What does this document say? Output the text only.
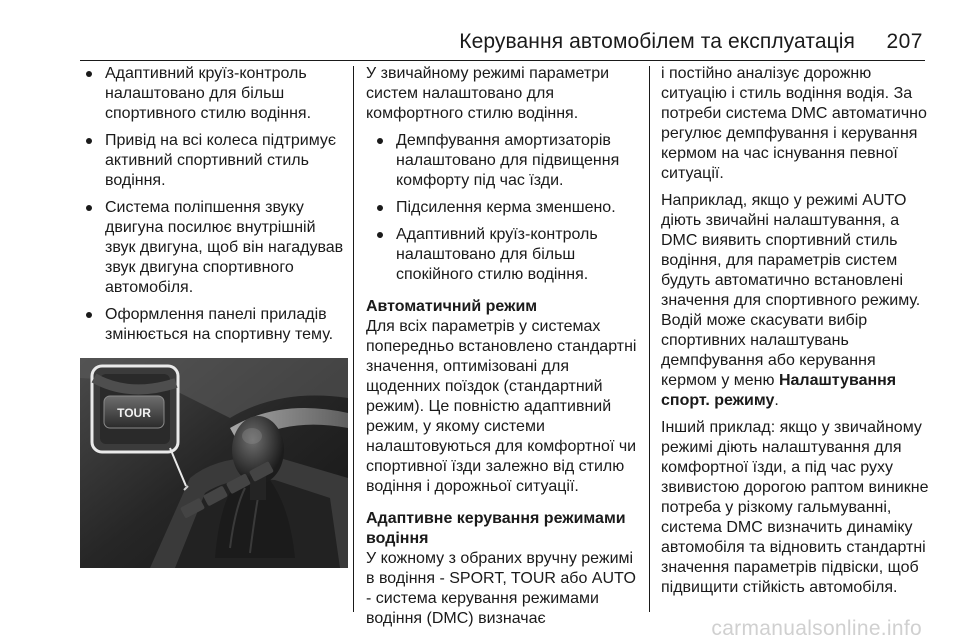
Керування автомобілем та експлуатація 207
Адаптивний круїз-контроль налаштовано для більш спортивного стилю водіння.
Привід на всі колеса підтримує активний спортивний стиль водіння.
Система поліпшення звуку двигуна посилює внутрішній звук двигуна, щоб він нагадував звук двигуна спортивного автомобіля.
Оформлення панелі приладів змінюється на спортивну тему.

TOUR

У звичайному режимі параметри систем налаштовано для комфортного стилю водіння.

Демпфування амортизаторів налаштовано для підвищення комфорту під час їзди.
Підсилення керма зменшено.
Адаптивний круїз-контроль налаштовано для більш спокійного стилю водіння.

Автоматичний режим

Для всіх параметрів у системах попередньо встановлено стандартні значення, оптимізовані для щоденних поїздок (стандартний режим). Це повністю адаптивний режим, у якому системи налаштовуються для комфортної чи спортивної їзди залежно від стилю водіння і дорожньої ситуації.

Адаптивне керування режимами водіння

У кожному з обраних вручну режимі в водіння - SPORT, TOUR або AUTO - система керування режимами водіння (DMC) визначає

і постійно аналізує дорожню ситуацію і стиль водіння водія. За потреби система DMC автоматично регулює демпфування і керування кермом на час існування певної ситуації.

Наприклад, якщо у режимі AUTO діють звичайні налаштування, а DMC виявить спортивний стиль водіння, для параметрів систем будуть автоматично встановлені значення для спортивного режиму. Водій може скасувати вибір спортивних налаштувань демпфування або керування кермом у меню Налаштування спорт. режиму.

Інший приклад: якщо у звичайному режимі діють налаштування для комфортної їзди, а під час руху звивистою дорогою раптом виникне потреба у різкому гальмуванні, система DMC визначить динаміку автомобіля та відновить стандартні значення параметрів підвіски, щоб підвищити стійкість автомобіля.

carmanualsonline.info
